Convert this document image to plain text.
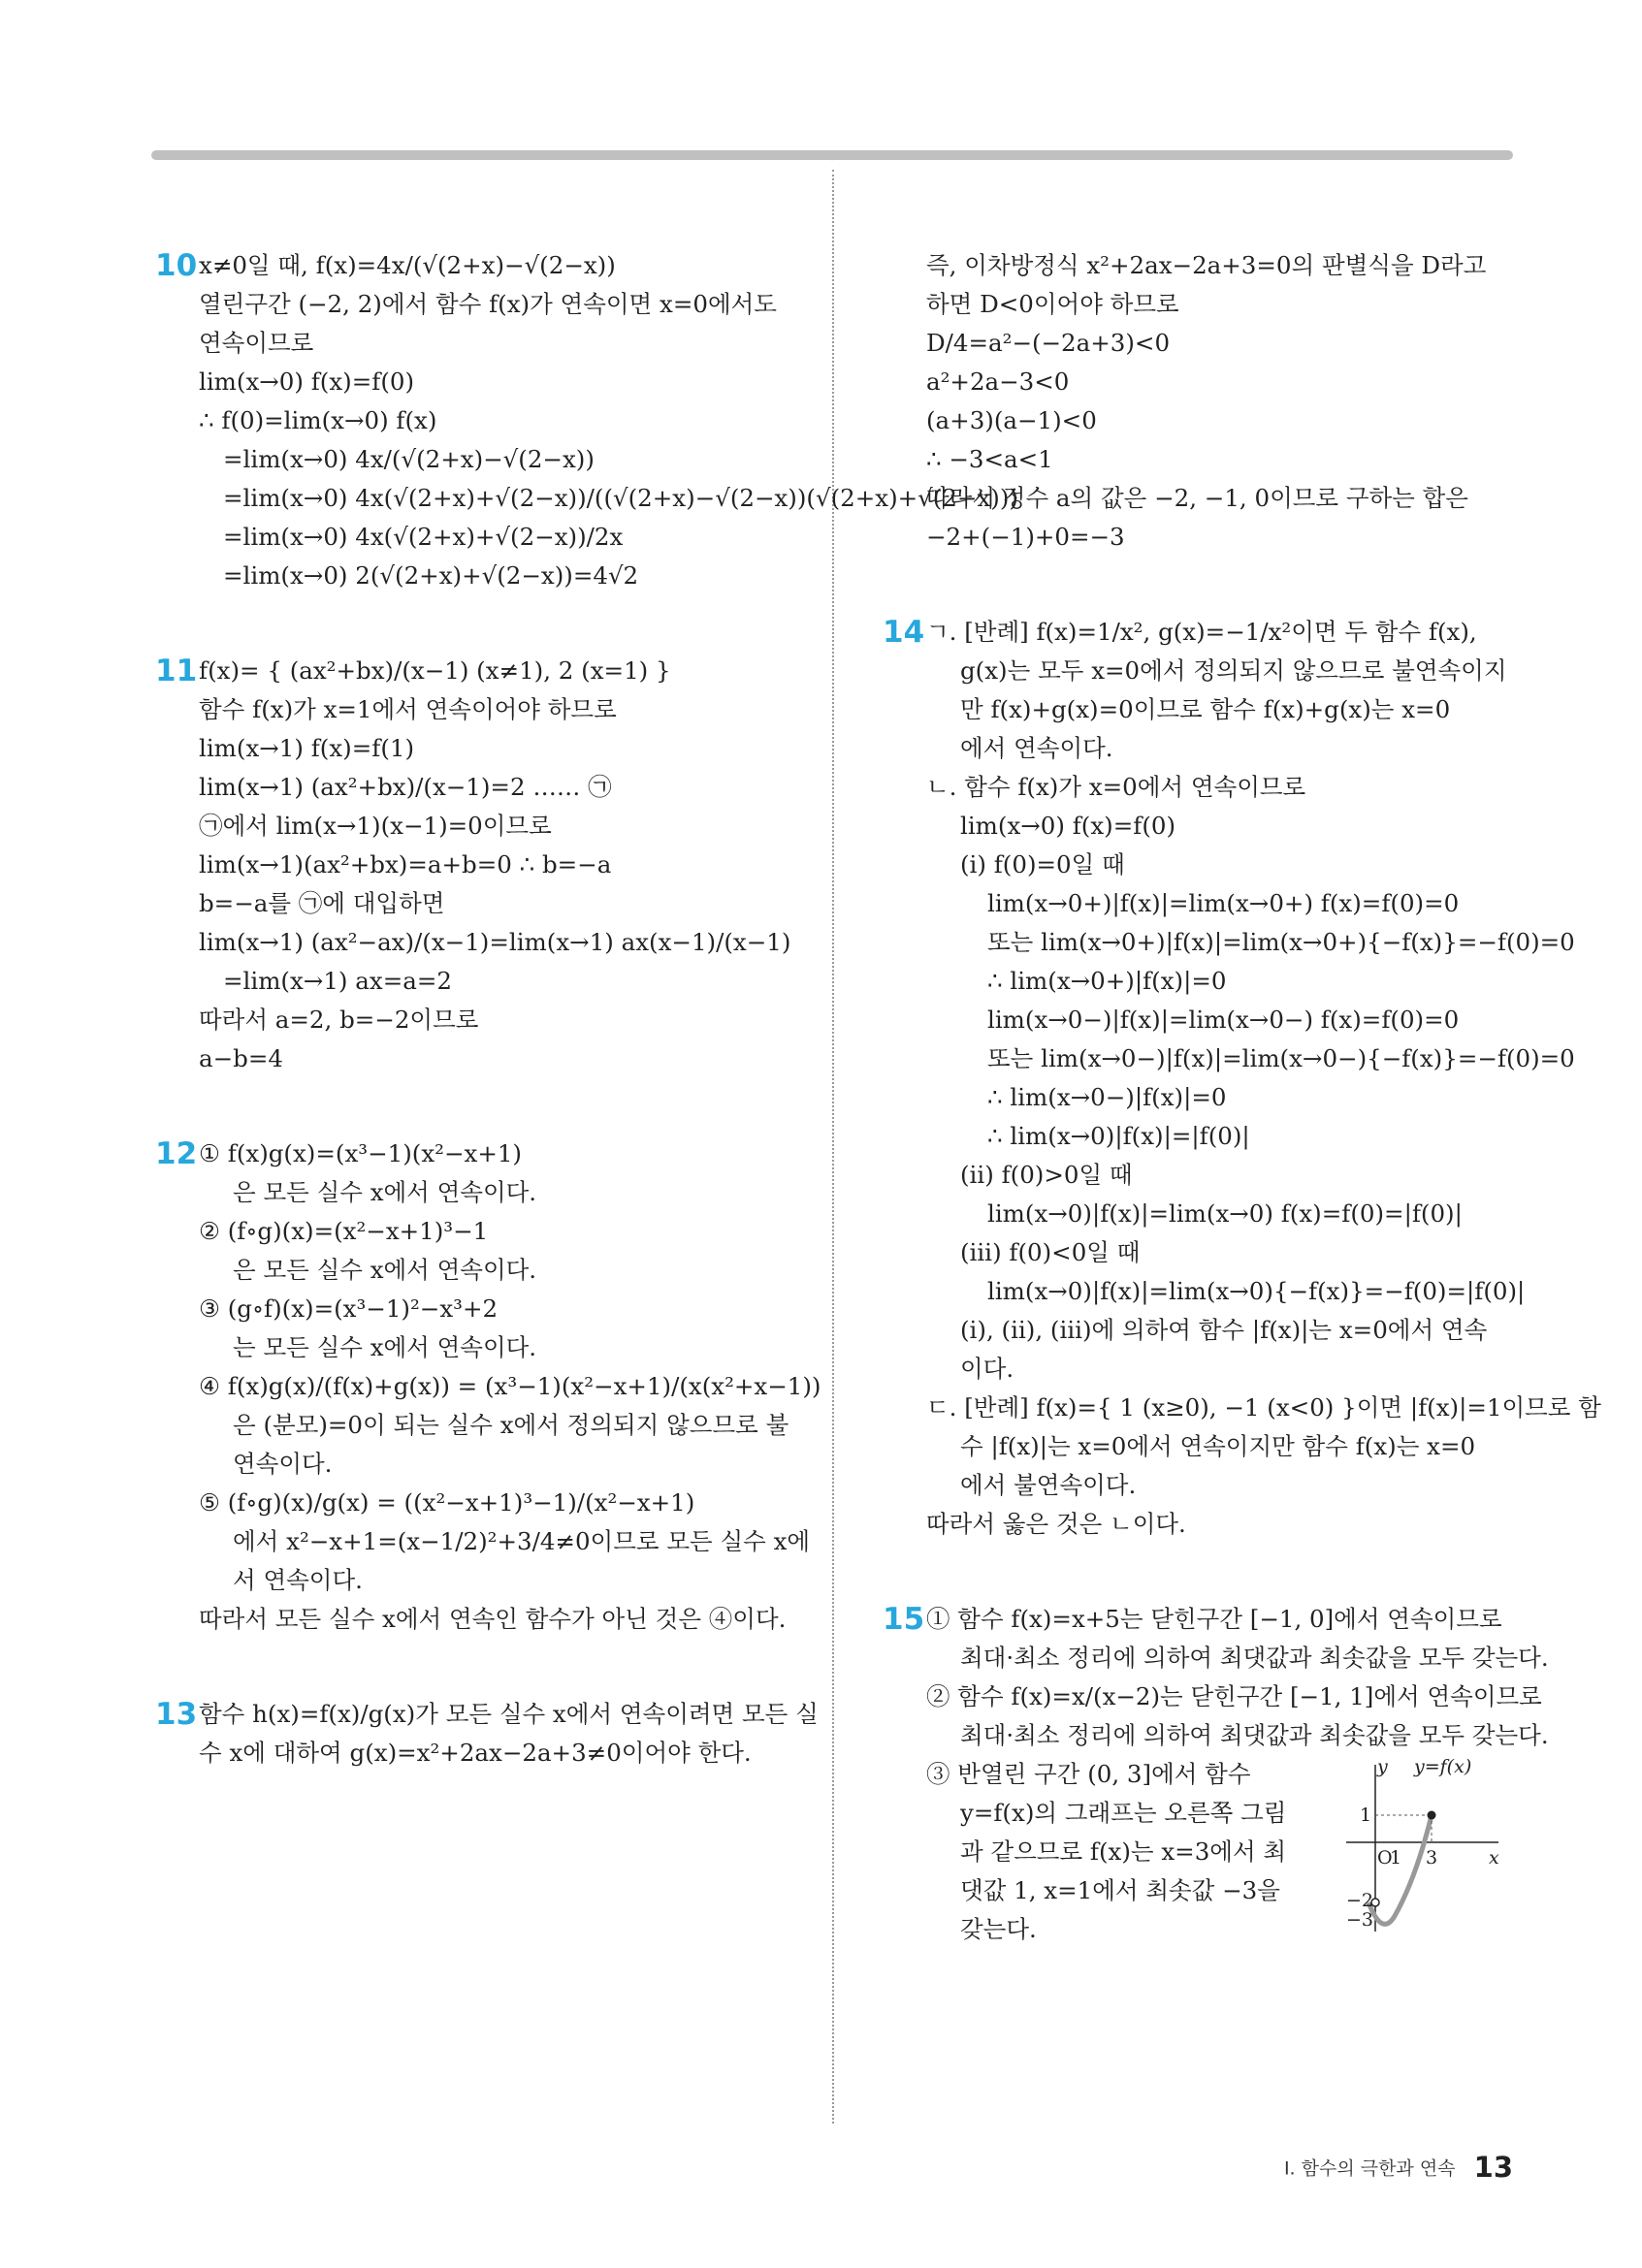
10 x≠0일 때, f(x)=4x/(√(2+x)−√(2−x))
열린구간 (−2, 2)에서 함수 f(x)가 연속이면 x=0에서도
연속이므로
lim(x→0) f(x)=f(0)
∴ f(0)=lim(x→0) f(x)
=lim(x→0) 4x/(√(2+x)−√(2−x))
=lim(x→0) 4x(√(2+x)+√(2−x))/((√(2+x)−√(2−x))(√(2+x)+√(2−x)))
=lim(x→0) 4x(√(2+x)+√(2−x))/2x
=lim(x→0) 2(√(2+x)+√(2−x))=4√2
11 f(x)= { (ax²+bx)/(x−1) (x≠1), 2 (x=1) }
함수 f(x)가 x=1에서 연속이어야 하므로
lim(x→1) f(x)=f(1)
lim(x→1) (ax²+bx)/(x−1)=2 …… ㉠
㉠에서 lim(x→1)(x−1)=0이므로
lim(x→1)(ax²+bx)=a+b=0 ∴ b=−a
b=−a를 ㉠에 대입하면
lim(x→1) (ax²−ax)/(x−1)=lim(x→1) ax(x−1)/(x−1)
=lim(x→1) ax=a=2
따라서 a=2, b=−2이므로
a−b=4
12 ① f(x)g(x)=(x³−1)(x²−x+1)
은 모든 실수 x에서 연속이다.
② (f∘g)(x)=(x²−x+1)³−1
은 모든 실수 x에서 연속이다.
③ (g∘f)(x)=(x³−1)²−x³+2
는 모든 실수 x에서 연속이다.
④ f(x)g(x)/(f(x)+g(x)) = (x³−1)(x²−x+1)/(x(x²+x−1))
은 (분모)=0이 되는 실수 x에서 정의되지 않으므로 불
연속이다.
⑤ (f∘g)(x)/g(x) = ((x²−x+1)³−1)/(x²−x+1)
에서 x²−x+1=(x−1/2)²+3/4≠0이므로 모든 실수 x에
서 연속이다.
따라서 모든 실수 x에서 연속인 함수가 아닌 것은 ④이다.
13 함수 h(x)=f(x)/g(x)가 모든 실수 x에서 연속이려면 모든 실
수 x에 대하여 g(x)=x²+2ax−2a+3≠0이어야 한다.
즉, 이차방정식 x²+2ax−2a+3=0의 판별식을 D라고
하면 D<0이어야 하므로
D/4=a²−(−2a+3)<0
a²+2a−3<0
(a+3)(a−1)<0
∴ −3<a<1
따라서 정수 a의 값은 −2, −1, 0이므로 구하는 합은
−2+(−1)+0=−3
14 ㄱ. [반례] f(x)=1/x², g(x)=−1/x²이면 두 함수 f(x),
g(x)는 모두 x=0에서 정의되지 않으므로 불연속이지
만 f(x)+g(x)=0이므로 함수 f(x)+g(x)는 x=0
에서 연속이다.
ㄴ. 함수 f(x)가 x=0에서 연속이므로
lim(x→0) f(x)=f(0)
(ⅰ) f(0)=0일 때
lim(x→0+)|f(x)|=lim(x→0+) f(x)=f(0)=0
또는 lim(x→0+)|f(x)|=lim(x→0+){−f(x)}=−f(0)=0
∴ lim(x→0+)|f(x)|=0
lim(x→0−)|f(x)|=lim(x→0−) f(x)=f(0)=0
또는 lim(x→0−)|f(x)|=lim(x→0−){−f(x)}=−f(0)=0
∴ lim(x→0−)|f(x)|=0
∴ lim(x→0)|f(x)|=|f(0)|
(ⅱ) f(0)>0일 때
lim(x→0)|f(x)|=lim(x→0) f(x)=f(0)=|f(0)|
(ⅲ) f(0)<0일 때
lim(x→0)|f(x)|=lim(x→0){−f(x)}=−f(0)=|f(0)|
(ⅰ), (ⅱ), (ⅲ)에 의하여 함수 |f(x)|는 x=0에서 연속
이다.
ㄷ. [반례] f(x)={ 1 (x≥0), −1 (x<0) }이면 |f(x)|=1이므로 함
수 |f(x)|는 x=0에서 연속이지만 함수 f(x)는 x=0
에서 불연속이다.
따라서 옳은 것은 ㄴ이다.
15 ① 함수 f(x)=x+5는 닫힌구간 [−1, 0]에서 연속이므로
최대·최소 정리에 의하여 최댓값과 최솟값을 모두 갖는다.
② 함수 f(x)=x/(x−2)는 닫힌구간 [−1, 1]에서 연속이므로
최대·최소 정리에 의하여 최댓값과 최솟값을 모두 갖는다.
③ 반열린 구간 (0, 3]에서 함수
y=f(x)의 그래프는 오른쪽 그림
과 같으므로 f(x)는 x=3에서 최
댓값 1, x=1에서 최솟값 −3을
갖는다.
y
x
y=f(x)
O
1 3
1
−2
−3
Ⅰ. 함수의 극한과 연속 13
